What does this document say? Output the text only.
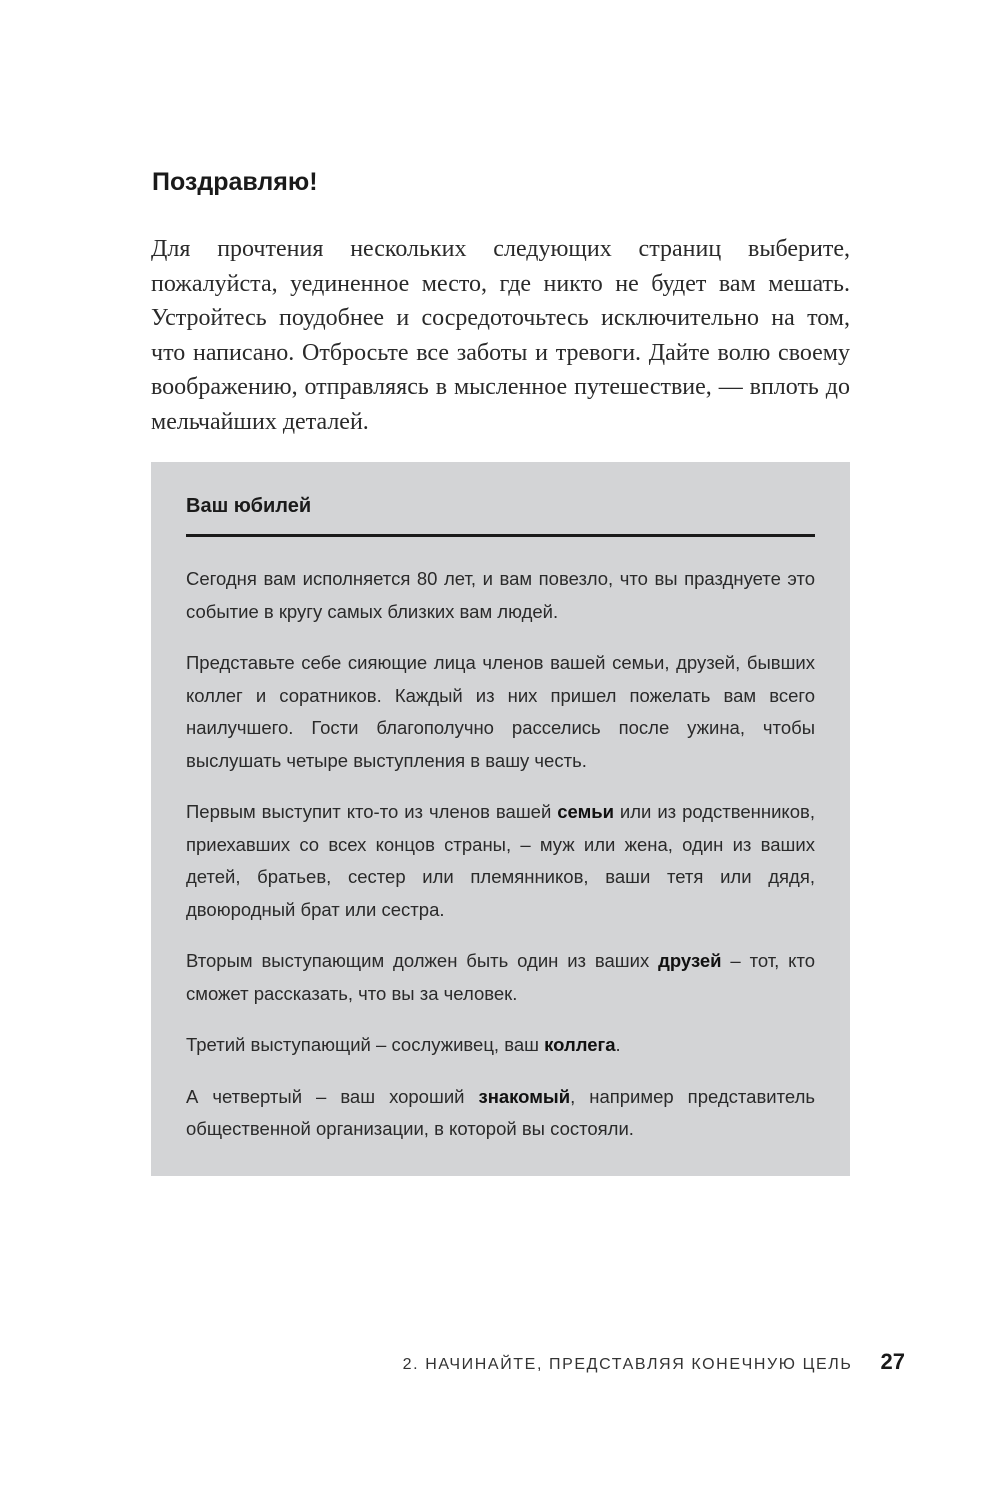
Поздравляю!

Для прочтения нескольких следующих страниц выберите, пожалуйста, уединенное место, где никто не будет вам мешать. Устройтесь поудобнее и сосредоточьтесь исключительно на том, что написано. Отбросьте все заботы и тревоги. Дайте волю своему воображению, отправляясь в мысленное путешествие, — вплоть до мельчайших деталей.

Ваш юбилей

Сегодня вам исполняется 80 лет, и вам повезло, что вы празднуете это событие в кругу самых близких вам людей.

Представьте себе сияющие лица членов вашей семьи, друзей, бывших коллег и соратников. Каждый из них пришел пожелать вам всего наилучшего. Гости благополучно расселись после ужина, чтобы выслушать четыре выступления в вашу честь.

Первым выступит кто-то из членов вашей семьи или из родственников, приехавших со всех концов страны, – муж или жена, один из ваших детей, братьев, сестер или племянников, ваши тетя или дядя, двоюродный брат или сестра.

Вторым выступающим должен быть один из ваших друзей – тот, кто сможет рассказать, что вы за человек.

Третий выступающий – сослуживец, ваш коллега.

А четвертый – ваш хороший знакомый, например представитель общественной организации, в которой вы состояли.

2. НАЧИНАЙТЕ, ПРЕДСТАВЛЯЯ КОНЕЧНУЮ ЦЕЛЬ 27
